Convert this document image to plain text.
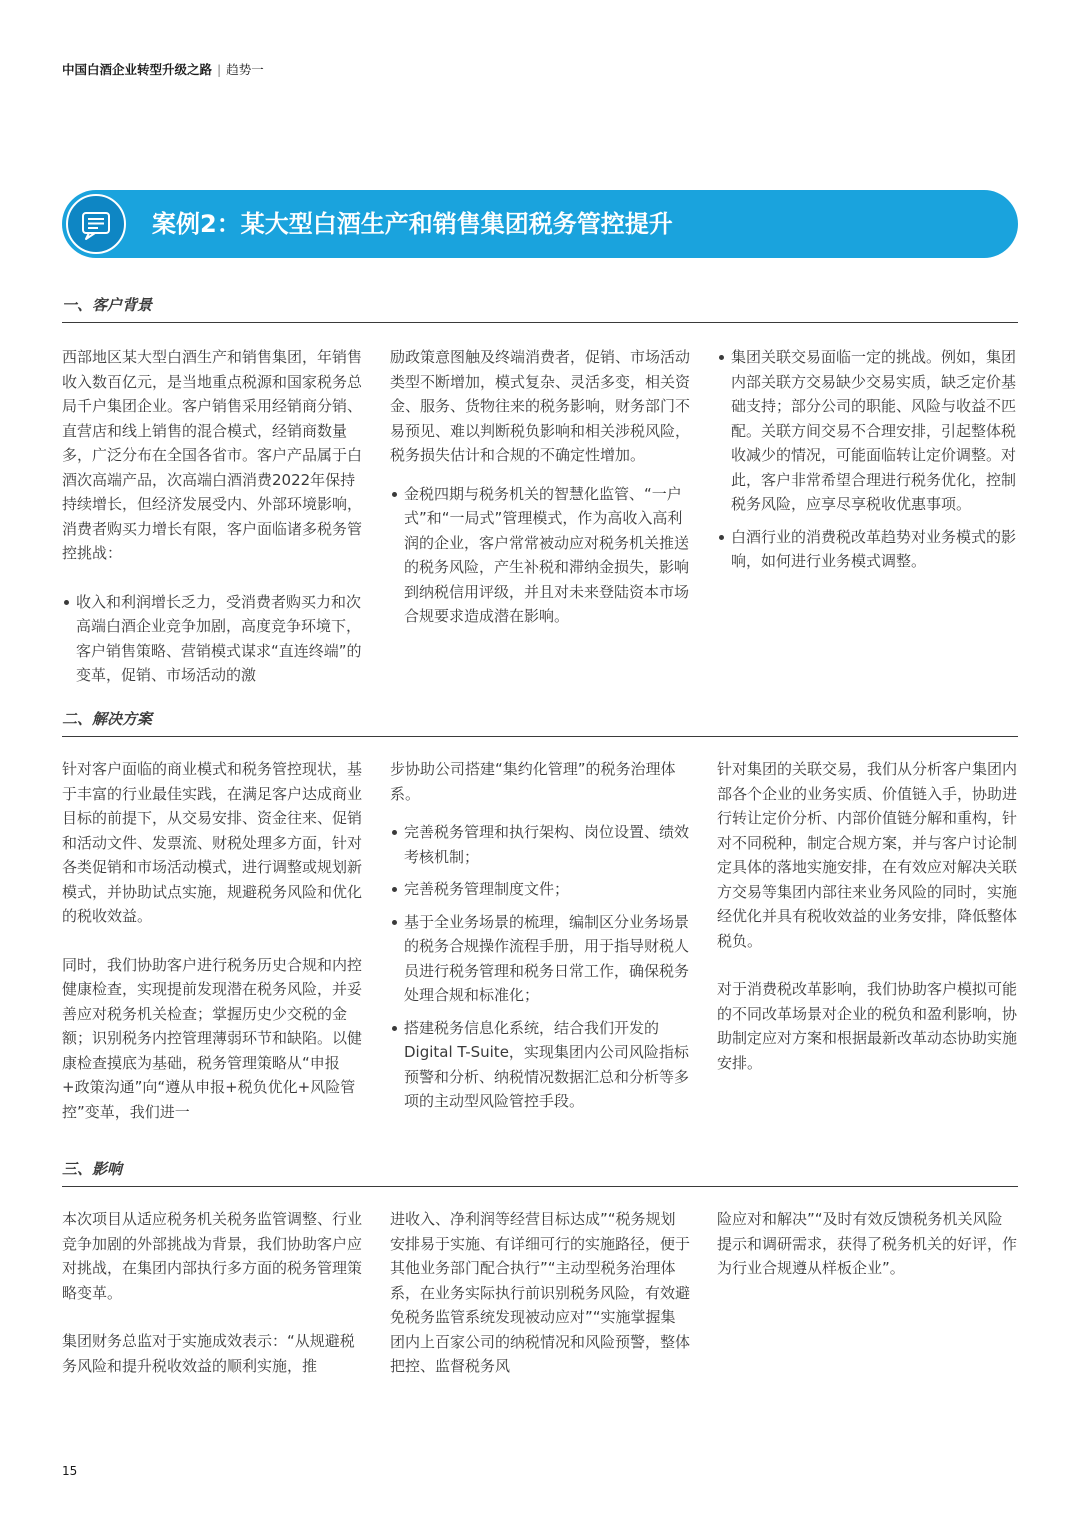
中国白酒企业转型升级之路 | 趋势一
案例2：某大型白酒生产和销售集团税务管控提升
一、客户背景

西部地区某大型白酒生产和销售集团，年销售收入数百亿元，是当地重点税源和国家税务总局千户集团企业。客户销售采用经销商分销、直营店和线上销售的混合模式，经销商数量多，广泛分布在全国各省市。客户产品属于白酒次高端产品，次高端白酒消费2022年保持持续增长，但经济发展受内、外部环境影响，消费者购买力增长有限，客户面临诸多税务管控挑战：

收入和利润增长乏力，受消费者购买力和次高端白酒企业竞争加剧，高度竞争环境下，客户销售策略、营销模式谋求“直连终端”的变革，促销、市场活动的激

励政策意图触及终端消费者，促销、市场活动类型不断增加，模式复杂、灵活多变，相关资金、服务、货物往来的税务影响，财务部门不易预见、难以判断税负影响和相关涉税风险，税务损失估计和合规的不确定性增加。

金税四期与税务机关的智慧化监管、“一户式”和“一局式”管理模式，作为高收入高利润的企业，客户常常被动应对税务机关推送的税务风险，产生补税和滞纳金损失，影响到纳税信用评级，并且对未来登陆资本市场合规要求造成潜在影响。
集团关联交易面临一定的挑战。例如，集团内部关联方交易缺少交易实质，缺乏定价基础支持；部分公司的职能、风险与收益不匹配。关联方间交易不合理安排，引起整体税收减少的情况，可能面临转让定价调整。对此，客户非常希望合理进行税务优化，控制税务风险，应享尽享税收优惠事项。
白酒行业的消费税改革趋势对业务模式的影响，如何进行业务模式调整。
二、解决方案

针对客户面临的商业模式和税务管控现状，基于丰富的行业最佳实践，在满足客户达成商业目标的前提下，从交易安排、资金往来、促销和活动文件、发票流、财税处理多方面，针对各类促销和市场活动模式，进行调整或规划新模式，并协助试点实施，规避税务风险和优化的税收效益。

同时，我们协助客户进行税务历史合规和内控健康检查，实现提前发现潜在税务风险，并妥善应对税务机关检查；掌握历史少交税的金额；识别税务内控管理薄弱环节和缺陷。以健康检查摸底为基础，税务管理策略从“申报+政策沟通”向“遵从申报+税负优化+风险管控”变革，我们进一

步协助公司搭建“集约化管理”的税务治理体系。

完善税务管理和执行架构、岗位设置、绩效考核机制；
完善税务管理制度文件；
基于全业务场景的梳理，编制区分业务场景的税务合规操作流程手册，用于指导财税人员进行税务管理和税务日常工作，确保税务处理合规和标准化；
搭建税务信息化系统，结合我们开发的Digital T-Suite，实现集团内公司风险指标预警和分析、纳税情况数据汇总和分析等多项的主动型风险管控手段。

针对集团的关联交易，我们从分析客户集团内部各个企业的业务实质、价值链入手，协助进行转让定价分析、内部价值链分解和重构，针对不同税种，制定合规方案，并与客户讨论制定具体的落地实施安排，在有效应对解决关联方交易等集团内部往来业务风险的同时，实施经优化并具有税收效益的业务安排，降低整体税负。

对于消费税改革影响，我们协助客户模拟可能的不同改革场景对企业的税负和盈利影响，协助制定应对方案和根据最新改革动态协助实施安排。

三、影响

本次项目从适应税务机关税务监管调整、行业竞争加剧的外部挑战为背景，我们协助客户应对挑战，在集团内部执行多方面的税务管理策略变革。

集团财务总监对于实施成效表示：“从规避税务风险和提升税收效益的顺利实施，推

进收入、净利润等经营目标达成”“税务规划安排易于实施、有详细可行的实施路径，便于其他业务部门配合执行”“主动型税务治理体系，在业务实际执行前识别税务风险，有效避免税务监管系统发现被动应对”“实施掌握集团内上百家公司的纳税情况和风险预警，整体把控、监督税务风

险应对和解决”“及时有效反馈税务机关风险提示和调研需求，获得了税务机关的好评，作为行业合规遵从样板企业”。

15
